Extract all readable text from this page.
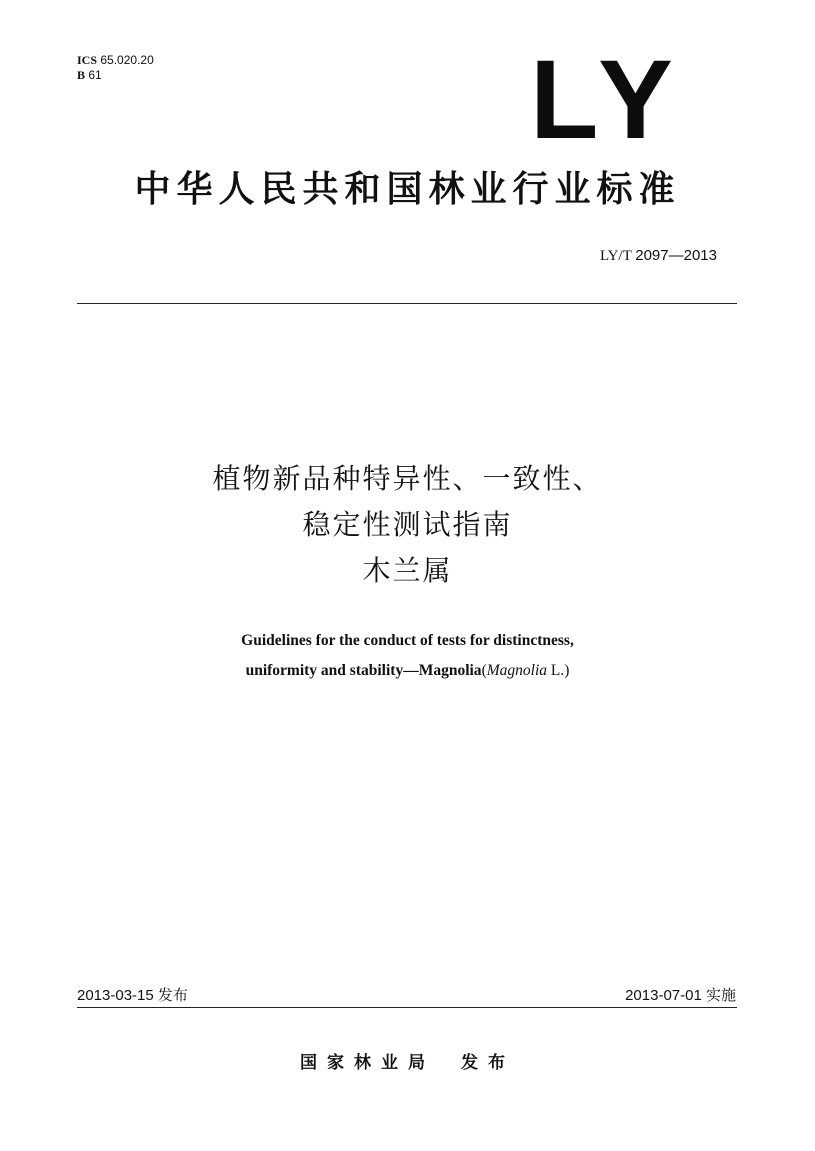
ICS 65.020.20
B 61	LY
中华人民共和国林业行业标准
LY/T 2097—2013
植物新品种特异性、一致性、
稳定性测试指南
木兰属
Guidelines for the conduct of tests for distinctness,
uniformity and stability—Magnolia(Magnolia L.)
2013-03-15 发布	2013-07-01 实施
国家林业局 发布
